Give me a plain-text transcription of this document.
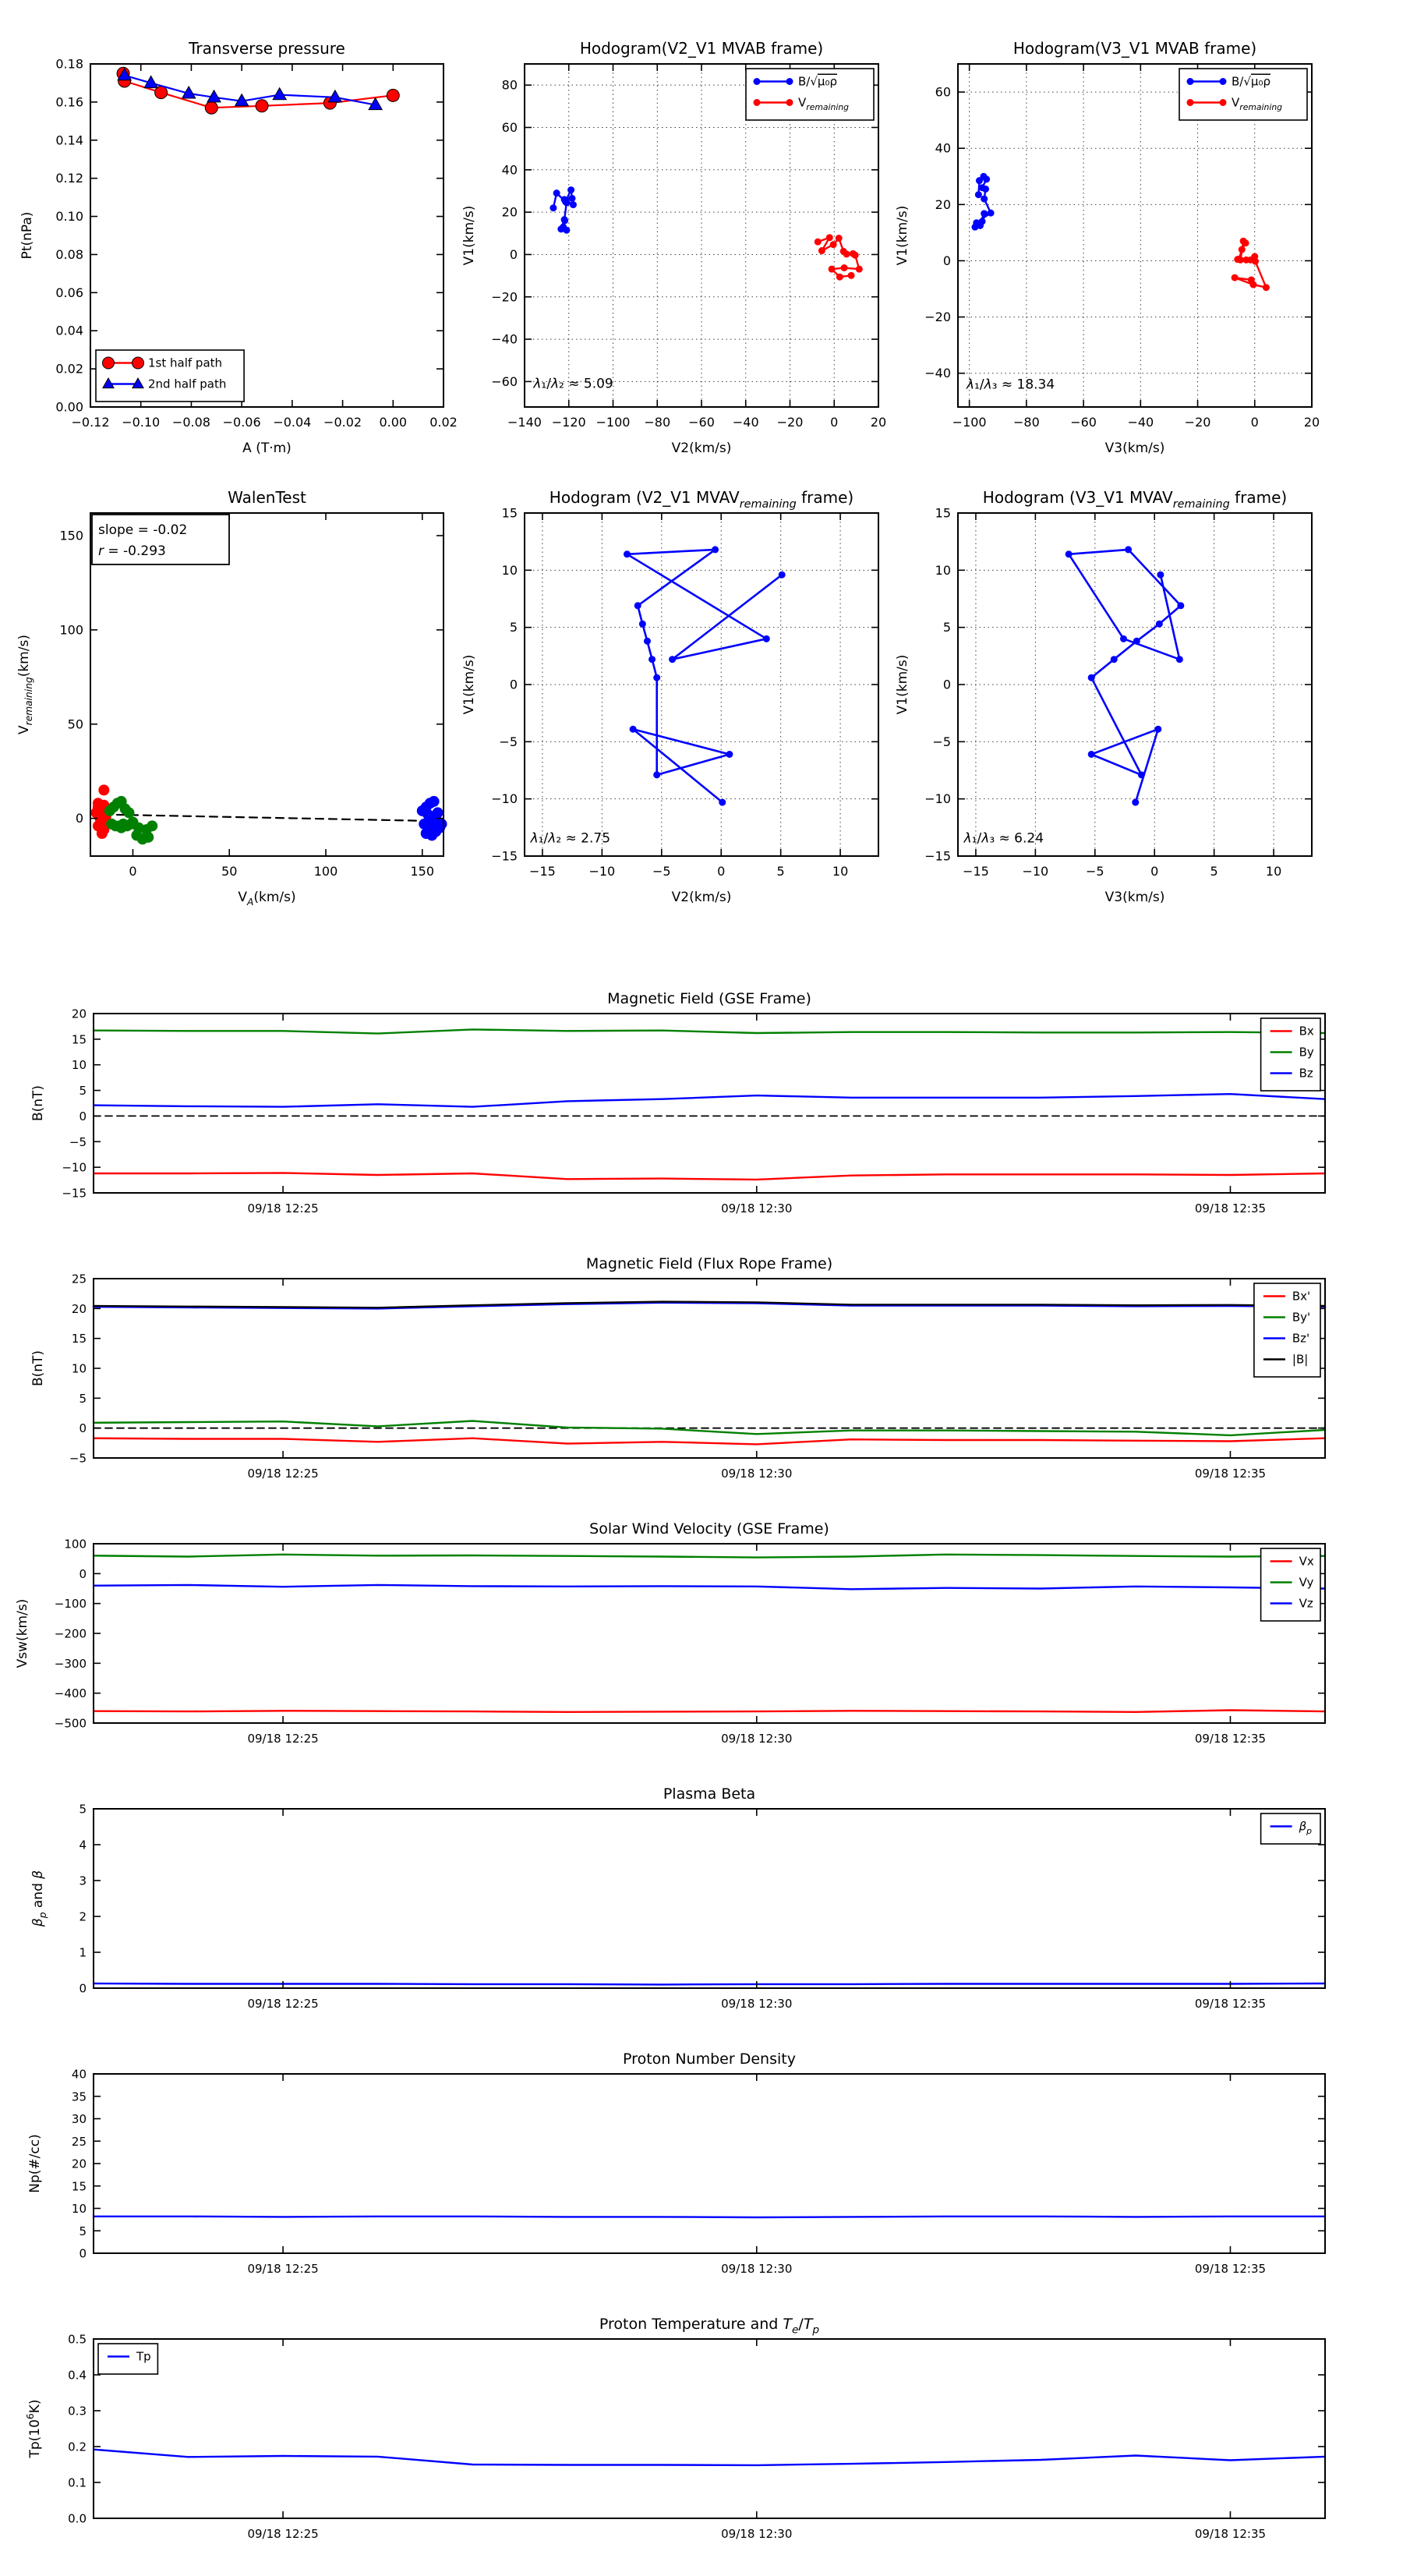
−0.12 −0.10 −0.08 −0.06 −0.04 −0.02 0.00 0.02
0.00
0.02
0.04
0.06
0.08
0.10
0.12
0.14
0.16
0.18
Transverse pressure
A (T·m)
Pt(nPa)
1st half path
2nd half path
−140 −120 −100 −80 −60 −40 −20 0	20
−60
−40
−20
0
20
40
60
80
Hodogram(V2_V1 MVAB frame)
V2(km/s)
V1(km/s)
λ₁/λ₂ ≈ 5.09
B/√μ₀ρ
$V_{remaining}$
−100 −80 −60 −40 −20	0	20
−40
−20
0
20
40
60
Hodogram(V3_V1 MVAB frame)
V3(km/s)
V1(km/s)
λ₁/λ₃ ≈ 18.34
B/√μ₀ρ
$V_{remaining}$
0	50	100	150
0
50
100
150
WalenTest
$V_A(km/s)$
$V_{remaining}(km/s)$
slope = -0.02
r = -0.293
−15	−10	−5	0	5	10
−15
−10
−5
0
5
10
15
Hodogram (V2_V1 $MVAV_{remaining}$ frame)
V2(km/s)
V1(km/s)
λ₁/λ₂ ≈ 2.75
−15	−10	−5	0	5	10
−15
−10
−5
0
5
10
15
Hodogram (V3_V1 $MVAV_{remaining}$ frame)
V3(km/s)
V1(km/s)
λ₁/λ₃ ≈ 6.24
09/18 12:25	09/18 12:30	09/18 12:35
−15
−10
−5
0
5
10
15
20
Magnetic Field (GSE Frame)
B(nT)
Bx
By
Bz
09/18 12:25	09/18 12:30	09/18 12:35
−5
0
5
10
15
20
25
Magnetic Field (Flux Rope Frame)
B(nT)
Bx'
By'
Bz'
|B|
09/18 12:25	09/18 12:30	09/18 12:35
−500
−400
−300
−200
−100
0
100
Solar Wind Velocity (GSE Frame)
Vsw(km/s)
Vx
Vy
Vz
09/18 12:25	09/18 12:30	09/18 12:35
0
1
2
3
4
5
Plasma Beta
$\beta_p$ and β
$\beta_p$
09/18 12:25	09/18 12:30	09/18 12:35
0
5
10
15
20
25
30
35
40
Proton Number Density
Np(#/cc)
09/18 12:25	09/18 12:30	09/18 12:35
0.0
0.1
0.2
0.3
0.4
0.5
Proton Temperature and $T_e/T_p$
$Tp(10^6K)$
Tp
